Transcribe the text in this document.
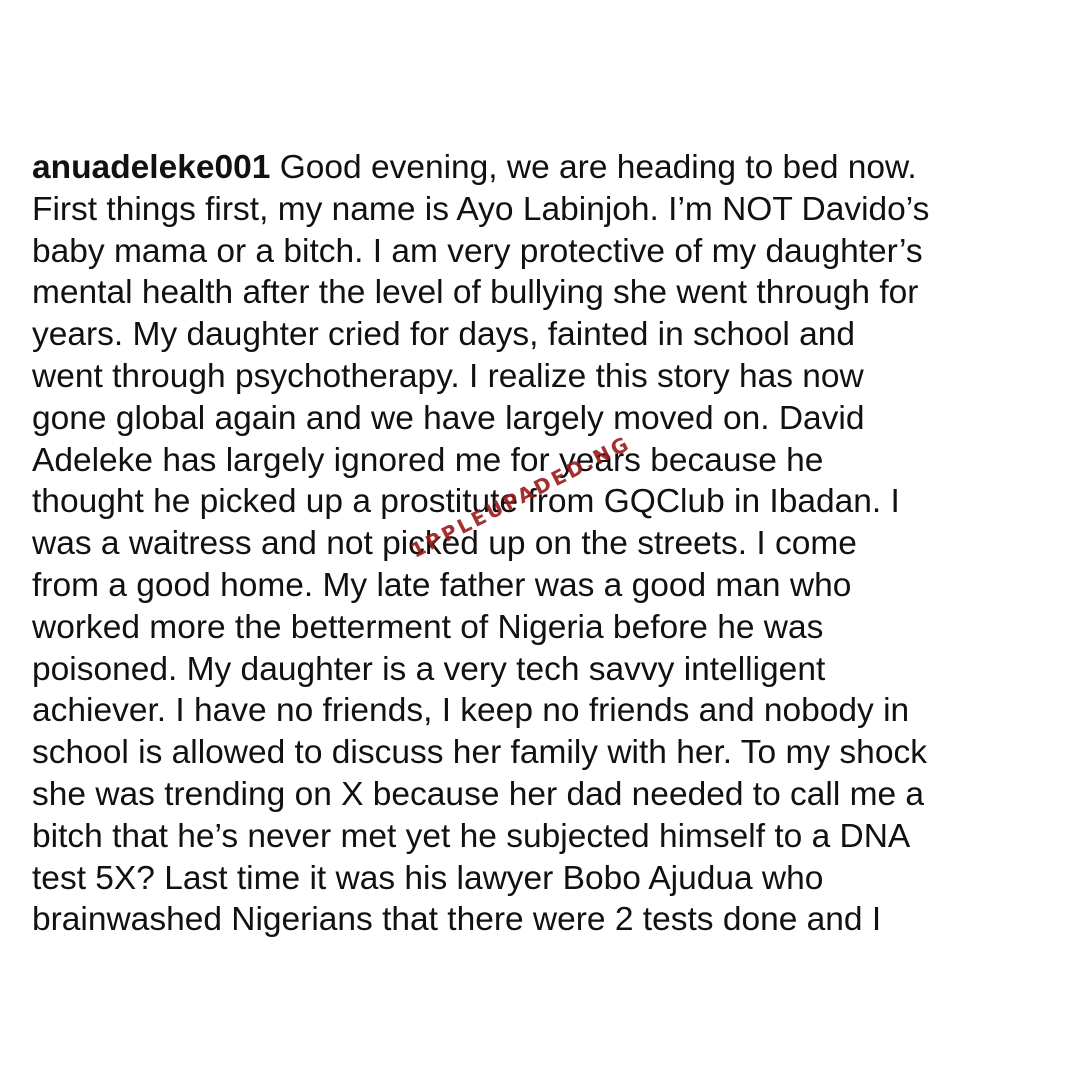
anuadeleke001 Good evening, we are heading to bed now.
First things first, my name is Ayo Labinjoh. I’m NOT Davido’s
baby mama or a bitch. I am very protective of my daughter’s
mental health after the level of bullying she went through for
years. My daughter cried for days, fainted in school and
went through psychotherapy. I realize this story has now
gone global again and we have largely moved on. David
Adeleke has largely ignored me for years because he
thought he picked up a prostitute from GQClub in Ibadan. I
was a waitress and not picked up on the streets. I come
from a good home. My late father was a good man who
worked more the betterment of Nigeria before he was
poisoned. My daughter is a very tech savvy intelligent
achiever. I have no friends, I keep no friends and nobody in
school is allowed to discuss her family with her. To my shock
she was trending on X because her dad needed to call me a
bitch that he’s never met yet he subjected himself to a DNA
test 5X? Last time it was his lawyer Bobo Ajudua who
brainwashed Nigerians that there were 2 tests done and I
1PPLEUPADED.NG
